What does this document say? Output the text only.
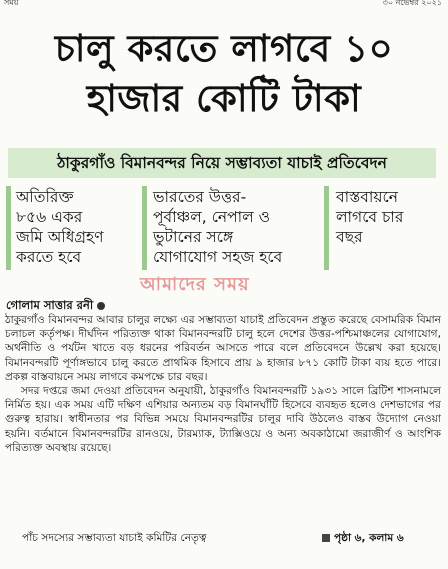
সময়	৩০ নভেম্বর ২০২১
চালু করতে লাগবে ১০
হাজার কোটি টাকা
ঠাকুরগাঁও বিমানবন্দর নিয়ে সম্ভাব্যতা যাচাই প্রতিবেদন
অতিরিক্ত
৮৫৬ একর
জমি অধিগ্রহণ
করতে হবে
ভারতের উত্তর-
পূর্বাঞ্চল, নেপাল ও
ভুটানের সঙ্গে
যোগাযোগ সহজ হবে
বাস্তবায়নে
লাগবে চার
বছর
আমাদের সময়
গোলাম সাত্তার রনী

ঠাকুরগাঁও বিমানবন্দর আবার চালুর লক্ষ্যে এর সম্ভাব্যতা যাচাই প্রতিবেদন প্রস্তুত করেছে বেসামরিক বিমান চলাচল কর্তৃপক্ষ। দীর্ঘদিন পরিত্যক্ত থাকা বিমানবন্দরটি চালু হলে দেশের উত্তর-পশ্চিমাঞ্চলের যোগাযোগ, অর্থনীতি ও পর্যটন খাতে বড় ধরনের পরিবর্তন আসতে পারে বলে প্রতিবেদনে উল্লেখ করা হয়েছে। বিমানবন্দরটি পূর্ণাঙ্গভাবে চালু করতে প্রাথমিক হিসাবে প্রায় ৯ হাজার ৮৭১ কোটি টাকা ব্যয় হতে পারে। প্রকল্প বাস্তবায়নে সময় লাগবে কমপক্ষে চার বছর।

সদর দপ্তরে জমা দেওয়া প্রতিবেদন অনুযায়ী, ঠাকুরগাঁও বিমানবন্দরটি ১৯৩১ সালে ব্রিটিশ শাসনামলে নির্মিত হয়। এক সময় এটি দক্ষিণ এশিয়ার অন্যতম বড় বিমানঘাঁটি হিসেবে ব্যবহৃত হলেও দেশভাগের পর গুরুত্ব হারায়। স্বাধীনতার পর বিভিন্ন সময়ে বিমানবন্দরটির চালুর দাবি উঠলেও বাস্তব উদ্যোগ নেওয়া হয়নি। বর্তমানে বিমানবন্দরটির রানওয়ে, টারম্যাক, ট্যাক্সিওয়ে ও অন্য অবকাঠামো জরাজীর্ণ ও আংশিক পরিত্যক্ত অবস্থায় রয়েছে।

পাঁচ সদস্যের সম্ভাব্যতা যাচাই কমিটির নেতৃত্ব	পৃষ্ঠা ৬, কলাম ৬
